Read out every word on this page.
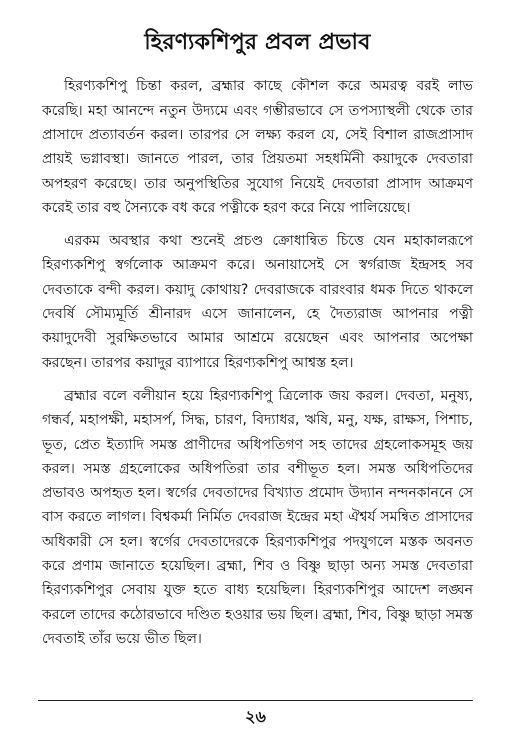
হিরণ্যকশিপুর প্রবল প্রভাব

হিরণ্যকশিপু চিন্তা করল, ব্রহ্মার কাছে কৌশল করে অমরত্ব বরই লাভ করেছি। মহা আনন্দে নতুন উদ্যমে এবং গম্ভীরভাবে সে তপস্যাস্থলী থেকে তার প্রাসাদে প্রত্যাবর্তন করল। তারপর সে লক্ষ্য করল যে, সেই বিশাল রাজপ্রাসাদ প্রায়ই ভগ্নাবস্থা। জানতে পারল, তার প্রিয়তমা সহধর্মিনী কয়াদুকে দেবতারা অপহরণ করেছে। তার অনুপস্থিতির সুযোগ নিয়েই দেবতারা প্রাসাদ আক্রমণ করেই তার বহু সৈন্যকে বধ করে পত্নীকে হরণ করে নিয়ে পালিয়েছে।

এরকম অবস্থার কথা শুনেই প্রচণ্ড ক্রোধান্বিত চিত্তে যেন মহাকালরূপে হিরণ্যকশিপু স্বর্গলোক আক্রমণ করে। অনায়াসেই সে স্বর্গরাজ ইন্দ্রসহ সব দেবতাকে বন্দী করল। কয়াদু কোথায়? দেবরাজকে বারংবার ধমক দিতে থাকলে দেবর্ষি সৌম্যমূর্তি শ্রীনারদ এসে জানালেন, হে দৈত্যরাজ আপনার পত্নী কয়াদুদেবী সুরক্ষিতভাবে আমার আশ্রমে রয়েছেন এবং আপনার অপেক্ষা করছেন। তারপর কয়াদুর ব্যাপারে হিরণ্যকশিপু আশ্বস্ত হল।

ব্রহ্মার বলে বলীয়ান হয়ে হিরণ্যকশিপু ত্রিলোক জয় করল। দেবতা, মনুষ্য, গন্ধর্ব, মহাপক্ষী, মহাসর্প, সিদ্ধ, চারণ, বিদ্যাধর, ঋষি, মনু, যক্ষ, রাক্ষস, পিশাচ, ভূত, প্রেত ইত্যাদি সমস্ত প্রাণীদের অধিপতিগণ সহ তাদের গ্রহলোকসমূহ জয় করল। সমস্ত গ্রহলোকের অধিপতিরা তার বশীভূত হল। সমস্ত অধিপতিদের প্রভাবও অপহৃত হল। স্বর্গের দেবতাদের বিখ্যাত প্রমোদ উদ্যান নন্দনকাননে সে বাস করতে লাগল। বিশ্বকর্মা নির্মিত দেবরাজ ইন্দ্রের মহা ঐশ্বর্য সমন্বিত প্রাসাদের অধিকারী সে হল। স্বর্গের দেবতাদেরকে হিরণ্যকশিপুর পদযুগলে মস্তক অবনত করে প্রণাম জানাতে হয়েছিল। ব্রহ্মা, শিব ও বিষ্ণু ছাড়া অন্য সমস্ত দেবতারা হিরণ্যকশিপুর সেবায় যুক্ত হতে বাধ্য হয়েছিল। হিরণ্যকশিপুর আদেশ লঙ্ঘন করলে তাদের কঠোরভাবে দণ্ডিত হওয়ার ভয় ছিল। ব্রহ্মা, শিব, বিষ্ণু ছাড়া সমস্ত দেবতাই তাঁর ভয়ে ভীত ছিল।

২৬
